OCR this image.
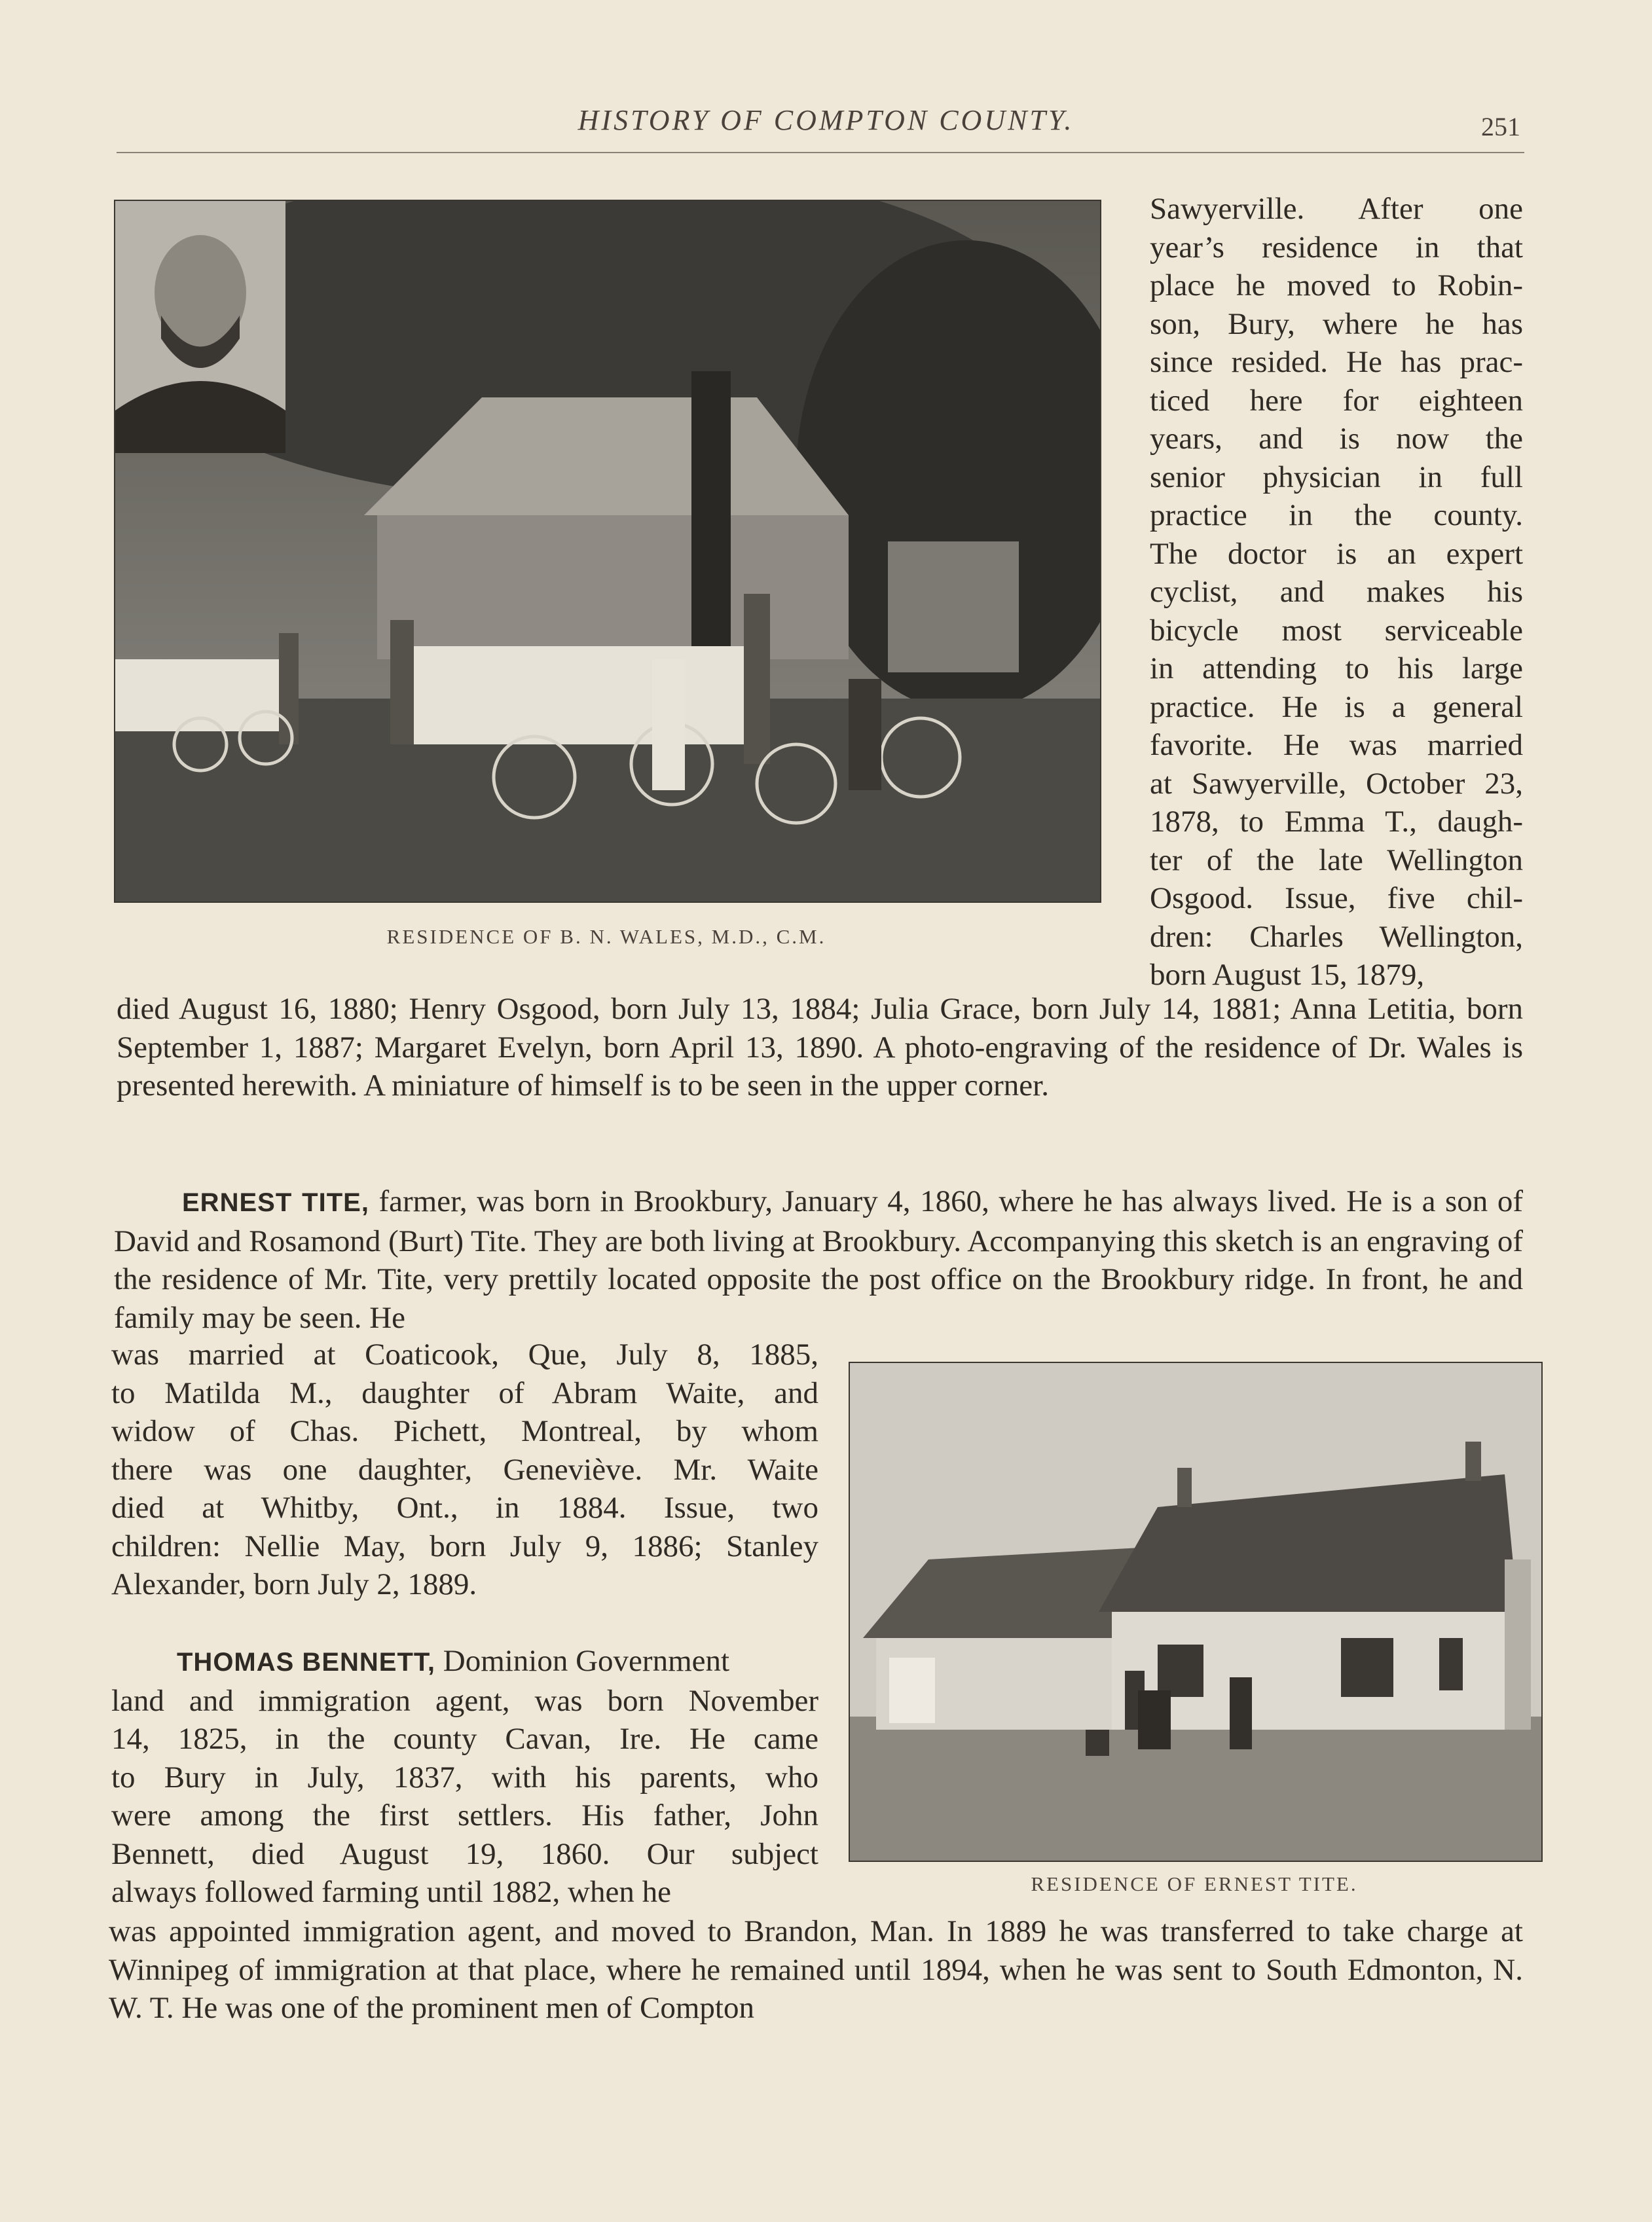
HISTORY OF COMPTON COUNTY.	251
RESIDENCE OF B. N. WALES, M.D., C.M.

Sawyerville. After one
year’s residence in that
place he moved to Robin-
son, Bury, where he has
since resided. He has prac-
ticed here for eighteen
years, and is now the
senior physician in full
practice in the county.
The doctor is an expert
cyclist, and makes his
bicycle most serviceable
in attending to his large
practice. He is a general
favorite. He was married
at Sawyerville, October 23,
1878, to Emma T., daugh-
ter of the late Wellington
Osgood. Issue, five chil-
dren: Charles Wellington,
born August 15, 1879,

died August 16, 1880; Henry Osgood, born July 13, 1884; Julia Grace, born July 14, 1881; Anna Letitia, born September 1, 1887; Margaret Evelyn, born April 13, 1890. A photo-engraving of the residence of Dr. Wales is presented herewith. A miniature of himself is to be seen in the upper corner.

ERNEST TITE, farmer, was born in Brookbury, January 4, 1860, where he has always lived. He is a son of David and Rosamond (Burt) Tite. They are both living at Brookbury. Accompanying this sketch is an engraving of the residence of Mr. Tite, very prettily located opposite the post office on the Brookbury ridge. In front, he and family may be seen. He

was married at Coaticook, Que, July 8, 1885,
to Matilda M., daughter of Abram Waite, and
widow of Chas. Pichett, Montreal, by whom
there was one daughter, Geneviève. Mr. Waite
died at Whitby, Ont., in 1884. Issue, two
children: Nellie May, born July 9, 1886; Stanley
Alexander, born July 2, 1889.

RESIDENCE OF ERNEST TITE.

THOMAS BENNETT, Dominion Government

land and immigration agent, was born November
14, 1825, in the county Cavan, Ire. He came
to Bury in July, 1837, with his parents, who
were among the first settlers. His father, John
Bennett, died August 19, 1860. Our subject
always followed farming until 1882, when he

was appointed immigration agent, and moved to Brandon, Man. In 1889 he was transferred to take charge at Winnipeg of immigration at that place, where he remained until 1894, when he was sent to South Edmonton, N. W. T. He was one of the prominent men of Compton
